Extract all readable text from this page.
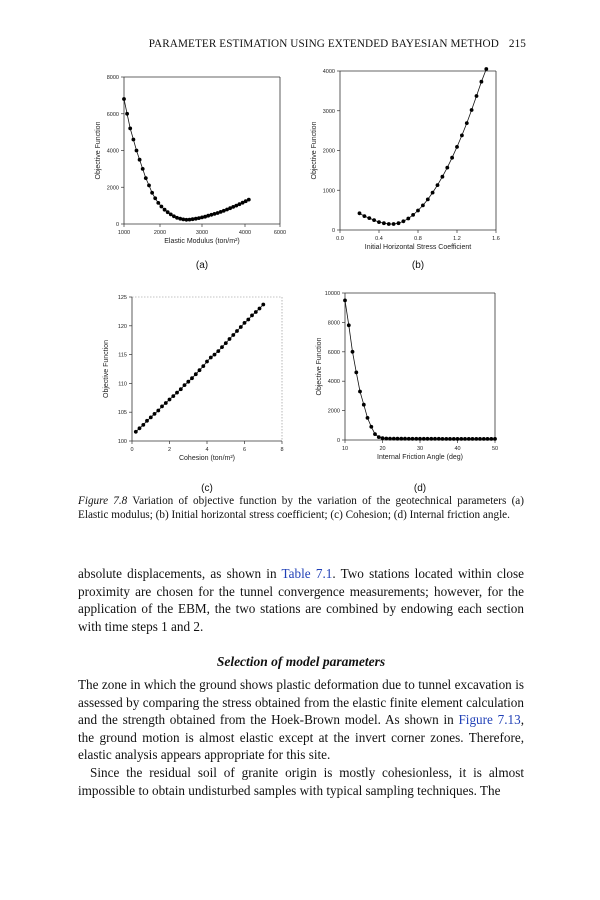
PARAMETER ESTIMATION USING EXTENDED BAYESIAN METHOD 215
0
2000
4000
6000
8000
1000	2000	3000	4000	6000
Elastic Modulus (ton/m²)
Objective Function
(a)
0
1000
2000
3000
4000
0.0	0.4	0.8	1.2	1.6
Initial Horizontal Stress Coefficient
Objective Function
(b)
100
105
110
115
120
125
0	2	4	6	8
Cohesion (ton/m²)
Objective Function
(c)
0
2000
4000
6000
8000
10000
10	20	30	40	50
Internal Friction Angle (deg)
Objective Function
(d)
Figure 7.8 Variation of objective function by the variation of the geotechnical parameters (a) Elastic modulus; (b) Initial horizontal stress coefficient; (c) Cohesion; (d) Internal friction angle.
absolute displacements, as shown in Table 7.1. Two stations located within close proximity are chosen for the tunnel convergence measurements; however, for the application of the EBM, the two stations are combined by endowing each section with time steps 1 and 2.
Selection of model parameters
The zone in which the ground shows plastic deformation due to tunnel excavation is assessed by comparing the stress obtained from the elastic finite element calculation and the strength obtained from the Hoek-Brown model. As shown in Figure 7.13, the ground motion is almost elastic except at the invert corner zones. Therefore, elastic analysis appears appropriate for this site.
Since the residual soil of granite origin is mostly cohesionless, it is almost impossible to obtain undisturbed samples with typical sampling techniques. The
